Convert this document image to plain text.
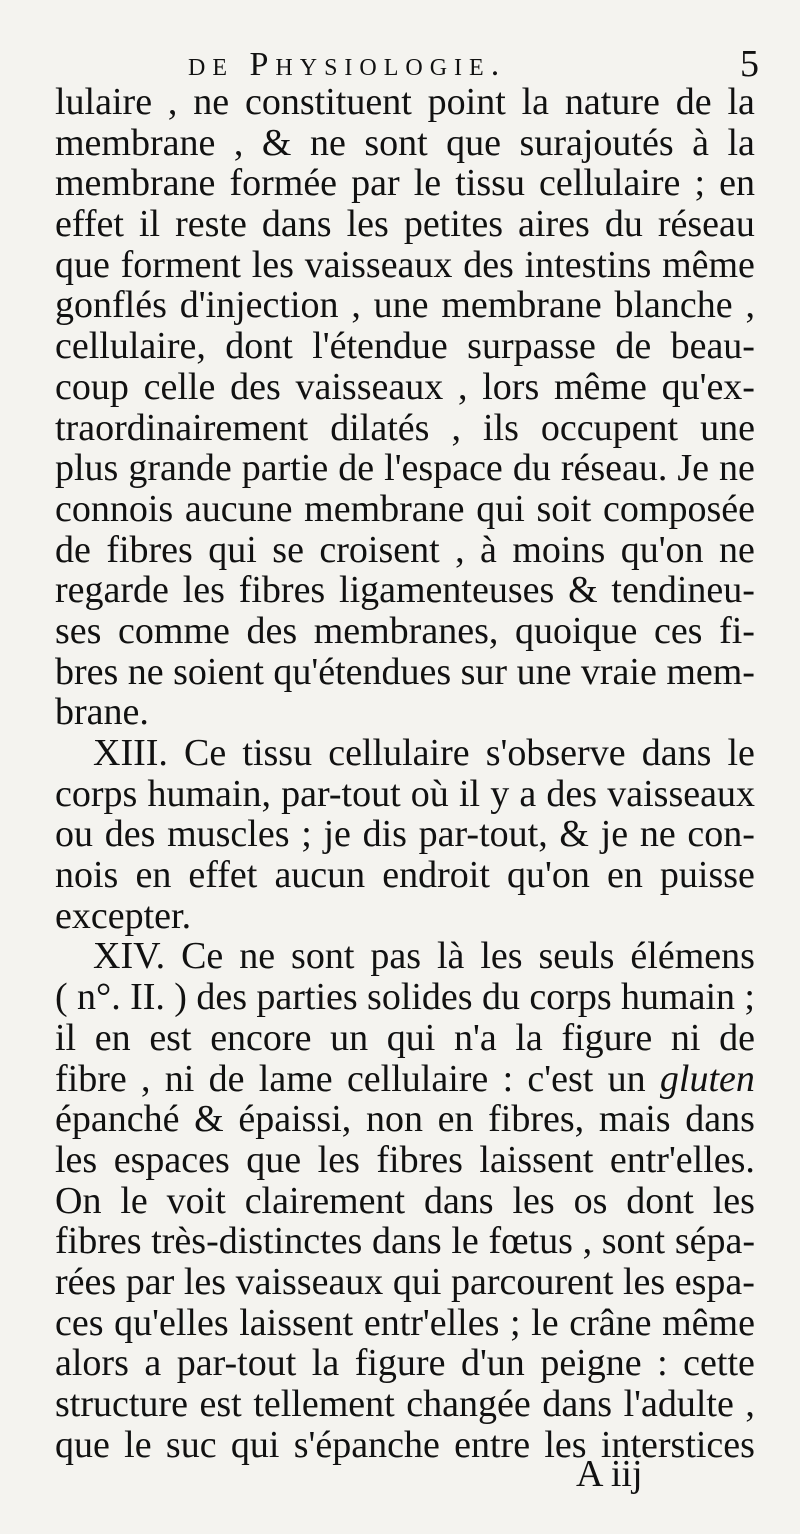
de Physiologie.	5
lulaire , ne constituent point la nature de la
membrane , & ne sont que surajoutés à la
membrane formée par le tissu cellulaire ; en
effet il reste dans les petites aires du réseau
que forment les vaisseaux des intestins même
gonflés d'injection , une membrane blanche ,
cellulaire, dont l'étendue surpasse de beau-
coup celle des vaisseaux , lors même qu'ex-
traordinairement dilatés , ils occupent une
plus grande partie de l'espace du réseau. Je ne
connois aucune membrane qui soit composée
de fibres qui se croisent , à moins qu'on ne
regarde les fibres ligamenteuses & tendineu-
ses comme des membranes, quoique ces fi-
bres ne soient qu'étendues sur une vraie mem-
brane.
XIII. Ce tissu cellulaire s'observe dans le
corps humain, par-tout où il y a des vaisseaux
ou des muscles ; je dis par-tout, & je ne con-
nois en effet aucun endroit qu'on en puisse
excepter.
XIV. Ce ne sont pas là les seuls élémens
( n°. II. ) des parties solides du corps humain ;
il en est encore un qui n'a la figure ni de
fibre , ni de lame cellulaire : c'est un gluten
épanché & épaissi, non en fibres, mais dans
les espaces que les fibres laissent entr'elles.
On le voit clairement dans les os dont les
fibres très-distinctes dans le fœtus , sont sépa-
rées par les vaisseaux qui parcourent les espa-
ces qu'elles laissent entr'elles ; le crâne même
alors a par-tout la figure d'un peigne : cette
structure est tellement changée dans l'adulte ,
que le suc qui s'épanche entre les interstices
A iij
